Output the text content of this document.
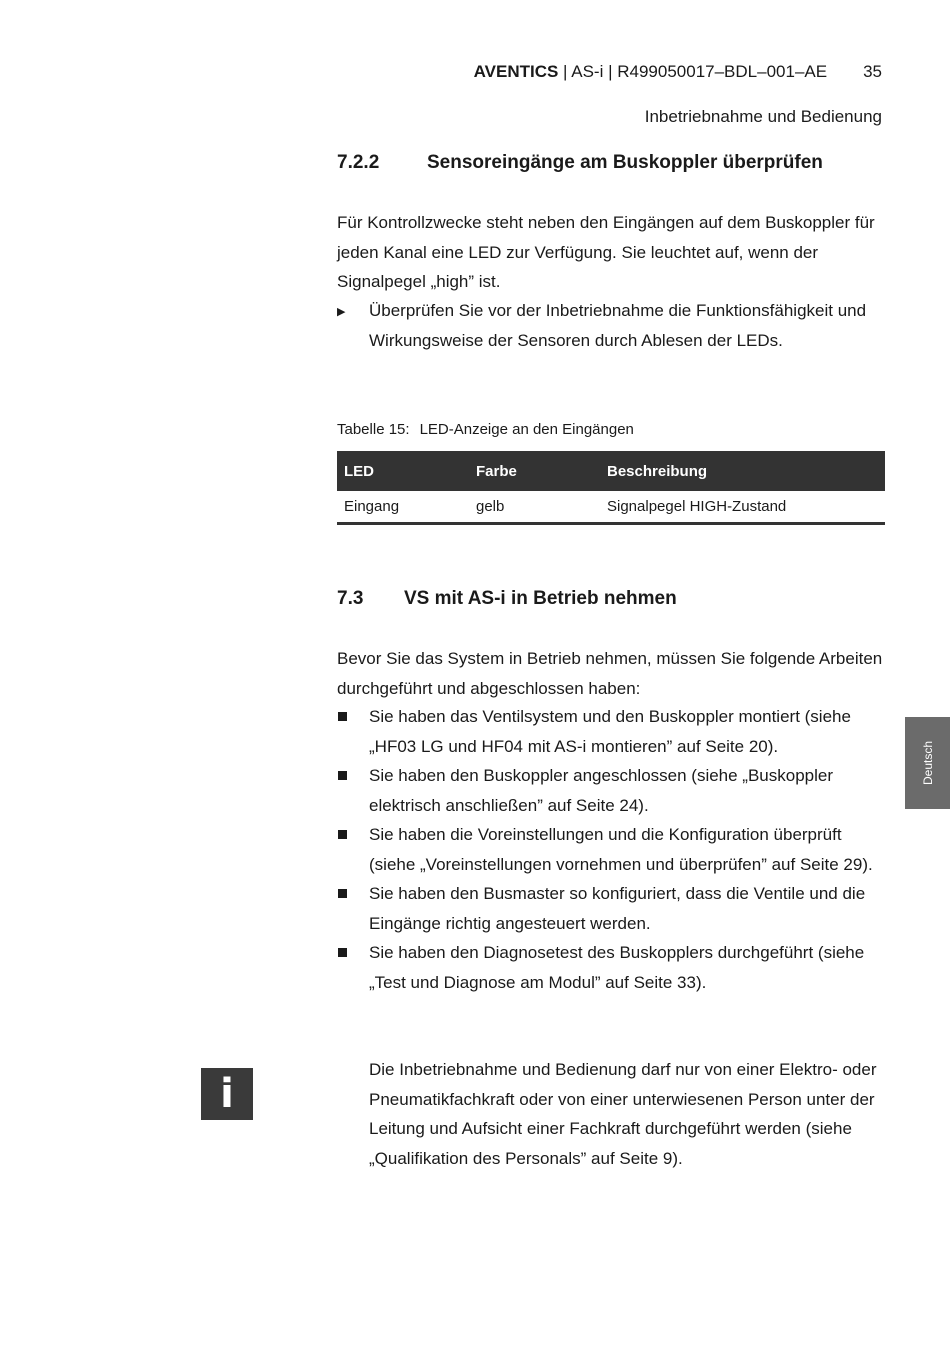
AVENTICS | AS-i | R499050017–BDL–001–AE 35
Inbetriebnahme und Bedienung
7.2.2	Sensoreingänge am Buskoppler überprüfen

Für Kontrollzwecke steht neben den Eingängen auf dem Buskoppler für jeden Kanal eine LED zur Verfügung. Sie leuchtet auf, wenn der Signalpegel „high” ist.

▶	Überprüfen Sie vor der Inbetriebnahme die Funktionsfähigkeit und Wirkungsweise der Sensoren durch Ablesen der LEDs.
Tabelle 15: LED-Anzeige an den Eingängen
LED	Farbe	Beschreibung
Eingang	gelb	Signalpegel HIGH-Zustand
7.3 VS mit AS-i in Betrieb nehmen

Bevor Sie das System in Betrieb nehmen, müssen Sie folgende Arbeiten durchgeführt und abgeschlossen haben:

Sie haben das Ventilsystem und den Buskoppler montiert (siehe „HF03 LG und HF04 mit AS-i montieren” auf Seite 20).
Sie haben den Buskoppler angeschlossen (siehe „Buskoppler elektrisch anschließen” auf Seite 24).
Sie haben die Voreinstellungen und die Konfiguration überprüft (siehe „Voreinstellungen vornehmen und überprüfen” auf Seite 29).
Sie haben den Busmaster so konfiguriert, dass die Ventile und die Eingänge richtig angesteuert werden.
Sie haben den Diagnosetest des Buskopplers durchgeführt (siehe „Test und Diagnose am Modul” auf Seite 33).
i

Die Inbetriebnahme und Bedienung darf nur von einer Elektro- oder Pneumatikfachkraft oder von einer unterwiesenen Person unter der Leitung und Aufsicht einer Fachkraft durchgeführt werden (siehe „Qualifikation des Personals” auf Seite 9).

Deutsch
